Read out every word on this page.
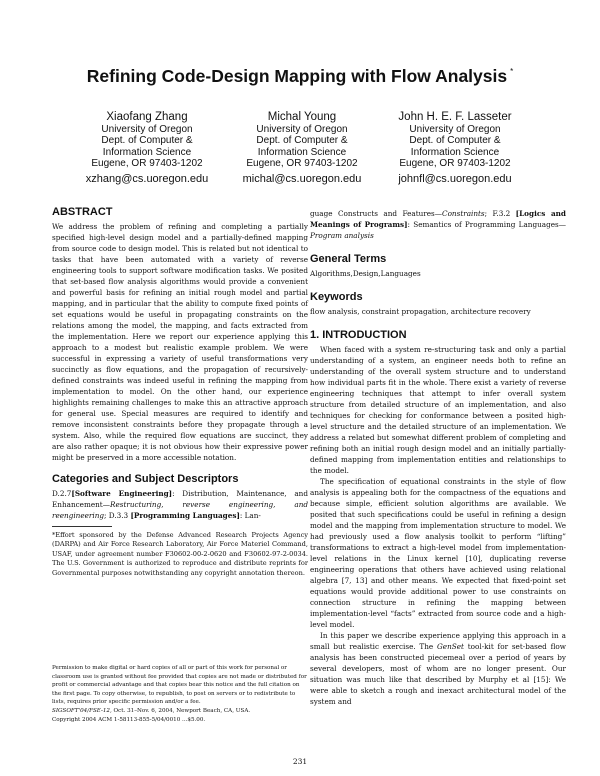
Refining Code-Design Mapping with Flow Analysis *
Xiaofang Zhang
University of Oregon
Dept. of Computer &
Information Science
Eugene, OR 97403-1202
xzhang@cs.uoregon.edu
Michal Young
University of Oregon
Dept. of Computer &
Information Science
Eugene, OR 97403-1202
michal@cs.uoregon.edu
John H. E. F. Lasseter
University of Oregon
Dept. of Computer &
Information Science
Eugene, OR 97403-1202
johnfl@cs.uoregon.edu
ABSTRACT

We address the problem of refining and completing a partially specified high-level design model and a partially-defined mapping from source code to design model. This is related but not identical to tasks that have been automated with a variety of reverse engineering tools to support software modification tasks. We posited that set-based flow analysis algorithms would provide a convenient and powerful basis for refining an initial rough model and partial mapping, and in particular that the ability to compute fixed points of set equations would be useful in propagating constraints on the relations among the model, the mapping, and facts extracted from the implementation. Here we report our experience applying this approach to a modest but realistic example problem. We were successful in expressing a variety of useful transformations very succinctly as flow equations, and the propagation of recursively-defined constraints was indeed useful in refining the mapping from implementation to model. On the other hand, our experience highlights remaining challenges to make this an attractive approach for general use. Special measures are required to identify and remove inconsistent constraints before they propagate through a system. Also, while the required flow equations are succinct, they are also rather opaque; it is not obvious how their expressive power might be preserved in a more accessible notation.

Categories and Subject Descriptors

D.2.7[Software Engineering]: Distribution, Maintenance, and Enhancement—Restructuring, reverse engineering, and reengineering; D.3.3 [Programming Languages]: Lan-

*Effort sponsored by the Defense Advanced Research Projects Agency (DARPA) and Air Force Research Laboratory, Air Force Materiel Command, USAF, under agreement number F30602-00-2-0620 and F30602-97-2-0034. The U.S. Government is authorized to reproduce and distribute reprints for Governmental purposes notwithstanding any copyright annotation thereon.

Permission to make digital or hard copies of all or part of this work for personal or classroom use is granted without fee provided that copies are not made or distributed for profit or commercial advantage and that copies bear this notice and the full citation on the first page. To copy otherwise, to republish, to post on servers or to redistribute to lists, requires prior specific permission and/or a fee.
SIGSOFT'04/FSE-12, Oct. 31–Nov. 6, 2004, Newport Beach, CA, USA.
Copyright 2004 ACM 1-58113-855-5/04/0010 ...$5.00.

guage Constructs and Features—Constraints; F.3.2 [Logics and Meanings of Programs]: Semantics of Programming Languages—Program analysis

General Terms

Algorithms,Design,Languages

Keywords

flow analysis, constraint propagation, architecture recovery

1. INTRODUCTION

When faced with a system re-structuring task and only a partial understanding of a system, an engineer needs both to refine an understanding of the overall system structure and to understand how individual parts fit in the whole. There exist a variety of reverse engineering techniques that attempt to infer overall system structure from detailed structure of an implementation, and also techniques for checking for conformance between a posited high-level structure and the detailed structure of an implementation. We address a related but somewhat different problem of completing and refining both an initial rough design model and an initially partially-defined mapping from implementation entities and relationships to the model.

The specification of equational constraints in the style of flow analysis is appealing both for the compactness of the equations and because simple, efficient solution algorithms are available. We posited that such specifications could be useful in refining a design model and the mapping from implementation structure to model. We had previously used a flow analysis toolkit to perform “lifting” transformations to extract a high-level model from implementation-level relations in the Linux kernel [10], duplicating reverse engineering operations that others have achieved using relational algebra [7, 13] and other means. We expected that fixed-point set equations would provide additional power to use constraints on connection structure in refining the mapping between implementation-level “facts” extracted from source code and a high-level model.

In this paper we describe experience applying this approach in a small but realistic exercise. The GenSet tool-kit for set-based flow analysis has been constructed piecemeal over a period of years by several developers, most of whom are no longer present. Our situation was much like that described by Murphy et al [15]: We were able to sketch a rough and inexact architectural model of the system and

231
